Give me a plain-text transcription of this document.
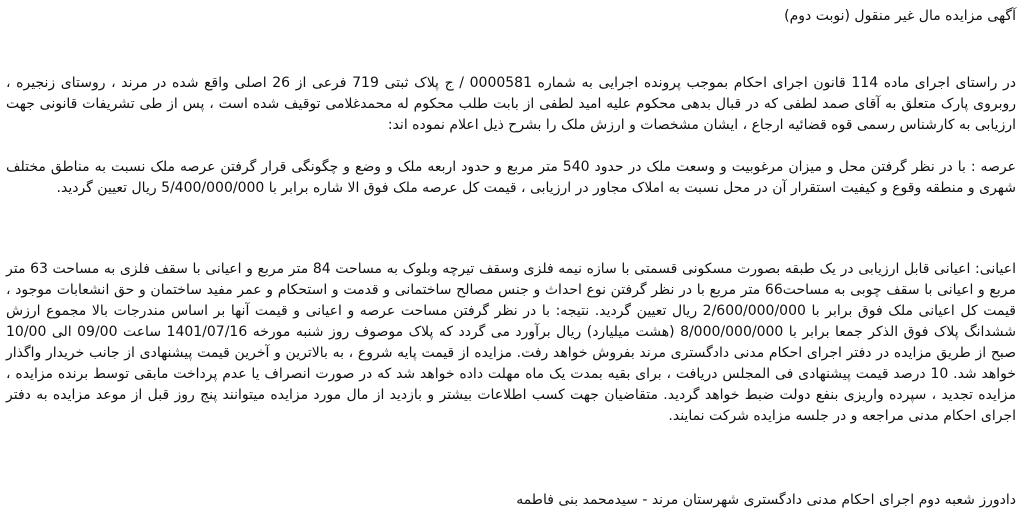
آگهی مزایده مال غیر منقول (نوبت دوم)

در راستای اجرای ماده 114 قانون اجرای احکام بموجب پرونده اجرایی به شماره 0000581 / ج پلاک ثبتی 719 فرعی از 26 اصلی واقع شده در مرند ، روستای زنجیره ، روبروی پارک متعلق به آقای صمد لطفی که در قبال بدهی محکوم علیه امید لطفی از بابت طلب محکوم له محمدغلامی توقیف شده است ، پس از طی تشریفات قانونی جهت ارزیابی به کارشناس رسمی قوه قضائیه ارجاع ، ایشان مشخصات و ارزش ملک را بشرح ذیل اعلام نموده اند:

عرصه : با در نظر گرفتن محل و میزان مرغوبیت و وسعت ملک در حدود 540 متر مربع و حدود اربعه ملک و وضع و چگونگی قرار گرفتن عرصه ملک نسبت به مناطق مختلف شهری و منطقه وقوع و کیفیت استقرار آن در محل نسبت به املاک مجاور در ارزیابی ، قیمت کل عرصه ملک فوق الا شاره برابر با 5/400/000/000 ریال تعیین گردید.

اعیانی: اعیانی قابل ارزیابی در یک طبقه بصورت مسکونی قسمتی با سازه نیمه فلزی وسقف تیرچه وبلوک به مساحت 84 متر مربع و اعیانی با سقف فلزی به مساحت 63 متر مربع و اعیانی با سقف چوبی به مساحت66 متر مربع با در نظر گرفتن نوع احداث و جنس مصالح ساختمانی و قدمت و استحکام و عمر مفید ساختمان و حق انشعابات موجود ، قیمت کل اعیانی ملک فوق برابر با 2/600/000/000 ریال تعیین گردید. نتیجه: با در نظر گرفتن مساحت عرصه و اعیانی و قیمت آنها بر اساس مندرجات بالا مجموع ارزش ششدانگ پلاک فوق الذکر جمعا برابر با 8/000/000/000 (هشت میلیارد) ریال برآورد می گردد که پلاک موصوف روز شنبه مورخه 1401/07/16 ساعت 09/00 الی 10/00 صبح از طریق مزایده در دفتر اجرای احکام مدنی دادگستری مرند بفروش خواهد رفت. مزایده از قیمت پایه شروع ، به بالاترین و آخرین قیمت پیشنهادی از جانب خریدار واگذار خواهد شد. 10 درصد قیمت پیشنهادی فی المجلس دریافت ، برای بقیه بمدت یک ماه مهلت داده خواهد شد که در صورت انصراف یا عدم پرداخت مابقی توسط برنده مزایده ، مزایده تجدید ، سپرده واریزی بنفع دولت ضبط خواهد گردید. متقاضیان جهت کسب اطلاعات بیشتر و بازدید از مال مورد مزایده میتوانند پنج روز قبل از موعد مزایده به دفتر اجرای احکام مدنی مراجعه و در جلسه مزایده شرکت نمایند.

دادورز شعبه دوم اجرای احکام مدنی دادگستری شهرستان مرند - سیدمحمد بنی فاطمه
